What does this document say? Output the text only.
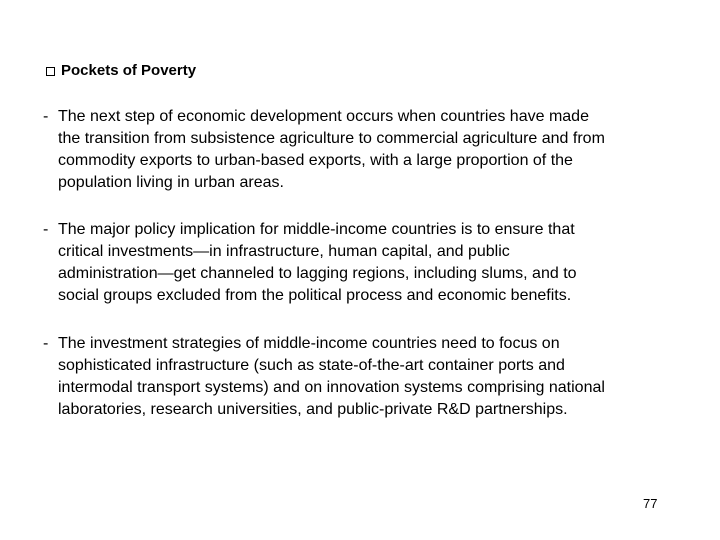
Pockets of Poverty
- The next step of economic development occurs when countries have made
the transition from subsistence agriculture to commercial agriculture and from
commodity exports to urban-based exports, with a large proportion of the
population living in urban areas.
- The major policy implication for middle-income countries is to ensure that
critical investments—in infrastructure, human capital, and public
administration—get channeled to lagging regions, including slums, and to
social groups excluded from the political process and economic benefits.
- The investment strategies of middle-income countries need to focus on
sophisticated infrastructure (such as state-of-the-art container ports and
intermodal transport systems) and on innovation systems comprising national
laboratories, research universities, and public-private R&D partnerships.
77
